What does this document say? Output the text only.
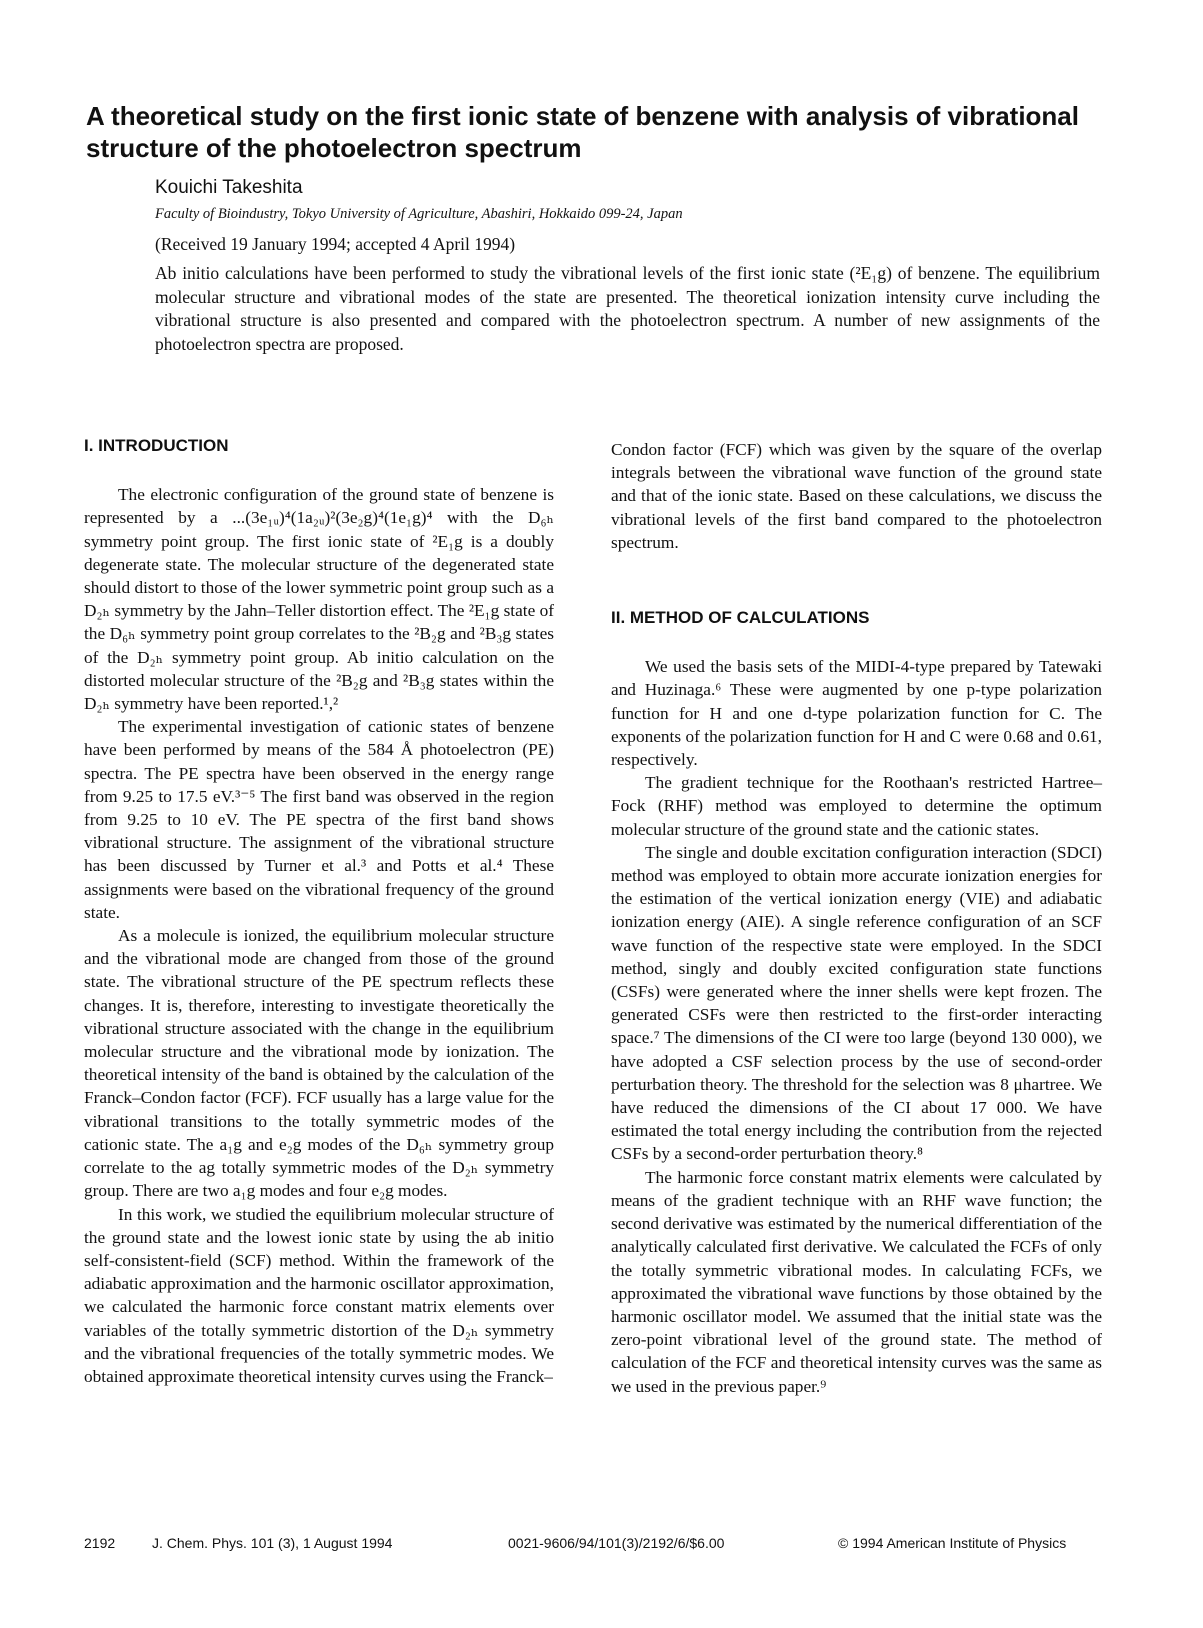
A theoretical study on the first ionic state of benzene with analysis of vibrational structure of the photoelectron spectrum
Kouichi Takeshita
Faculty of Bioindustry, Tokyo University of Agriculture, Abashiri, Hokkaido 099-24, Japan
(Received 19 January 1994; accepted 4 April 1994)
Ab initio calculations have been performed to study the vibrational levels of the first ionic state (²E₁g) of benzene. The equilibrium molecular structure and vibrational modes of the state are presented. The theoretical ionization intensity curve including the vibrational structure is also presented and compared with the photoelectron spectrum. A number of new assignments of the photoelectron spectra are proposed.
I. INTRODUCTION

The electronic configuration of the ground state of benzene is represented by a ...(3e₁ᵤ)⁴(1a₂ᵤ)²(3e₂g)⁴(1e₁g)⁴ with the D₆ₕ symmetry point group. The first ionic state of ²E₁g is a doubly degenerate state. The molecular structure of the degenerated state should distort to those of the lower symmetric point group such as a D₂ₕ symmetry by the Jahn–Teller distortion effect. The ²E₁g state of the D₆ₕ symmetry point group correlates to the ²B₂g and ²B₃g states of the D₂ₕ symmetry point group. Ab initio calculation on the distorted molecular structure of the ²B₂g and ²B₃g states within the D₂ₕ symmetry have been reported.¹,²

The experimental investigation of cationic states of benzene have been performed by means of the 584 Å photoelectron (PE) spectra. The PE spectra have been observed in the energy range from 9.25 to 17.5 eV.³⁻⁵ The first band was observed in the region from 9.25 to 10 eV. The PE spectra of the first band shows vibrational structure. The assignment of the vibrational structure has been discussed by Turner et al.³ and Potts et al.⁴ These assignments were based on the vibrational frequency of the ground state.

As a molecule is ionized, the equilibrium molecular structure and the vibrational mode are changed from those of the ground state. The vibrational structure of the PE spectrum reflects these changes. It is, therefore, interesting to investigate theoretically the vibrational structure associated with the change in the equilibrium molecular structure and the vibrational mode by ionization. The theoretical intensity of the band is obtained by the calculation of the Franck–Condon factor (FCF). FCF usually has a large value for the vibrational transitions to the totally symmetric modes of the cationic state. The a₁g and e₂g modes of the D₆ₕ symmetry group correlate to the ag totally symmetric modes of the D₂ₕ symmetry group. There are two a₁g modes and four e₂g modes.

In this work, we studied the equilibrium molecular structure of the ground state and the lowest ionic state by using the ab initio self-consistent-field (SCF) method. Within the framework of the adiabatic approximation and the harmonic oscillator approximation, we calculated the harmonic force constant matrix elements over variables of the totally symmetric distortion of the D₂ₕ symmetry and the vibrational frequencies of the totally symmetric modes. We obtained approximate theoretical intensity curves using the Franck–

Condon factor (FCF) which was given by the square of the overlap integrals between the vibrational wave function of the ground state and that of the ionic state. Based on these calculations, we discuss the vibrational levels of the first band compared to the photoelectron spectrum.

II. METHOD OF CALCULATIONS

We used the basis sets of the MIDI-4-type prepared by Tatewaki and Huzinaga.⁶ These were augmented by one p-type polarization function for H and one d-type polarization function for C. The exponents of the polarization function for H and C were 0.68 and 0.61, respectively.

The gradient technique for the Roothaan's restricted Hartree–Fock (RHF) method was employed to determine the optimum molecular structure of the ground state and the cationic states.

The single and double excitation configuration interaction (SDCI) method was employed to obtain more accurate ionization energies for the estimation of the vertical ionization energy (VIE) and adiabatic ionization energy (AIE). A single reference configuration of an SCF wave function of the respective state were employed. In the SDCI method, singly and doubly excited configuration state functions (CSFs) were generated where the inner shells were kept frozen. The generated CSFs were then restricted to the first-order interacting space.⁷ The dimensions of the CI were too large (beyond 130 000), we have adopted a CSF selection process by the use of second-order perturbation theory. The threshold for the selection was 8 μhartree. We have reduced the dimensions of the CI about 17 000. We have estimated the total energy including the contribution from the rejected CSFs by a second-order perturbation theory.⁸

The harmonic force constant matrix elements were calculated by means of the gradient technique with an RHF wave function; the second derivative was estimated by the numerical differentiation of the analytically calculated first derivative. We calculated the FCFs of only the totally symmetric vibrational modes. In calculating FCFs, we approximated the vibrational wave functions by those obtained by the harmonic oscillator model. We assumed that the initial state was the zero-point vibrational level of the ground state. The method of calculation of the FCF and theoretical intensity curves was the same as we used in the previous paper.⁹

2192	J. Chem. Phys. 101 (3), 1 August 1994	0021-9606/94/101(3)/2192/6/$6.00	© 1994 American Institute of Physics
